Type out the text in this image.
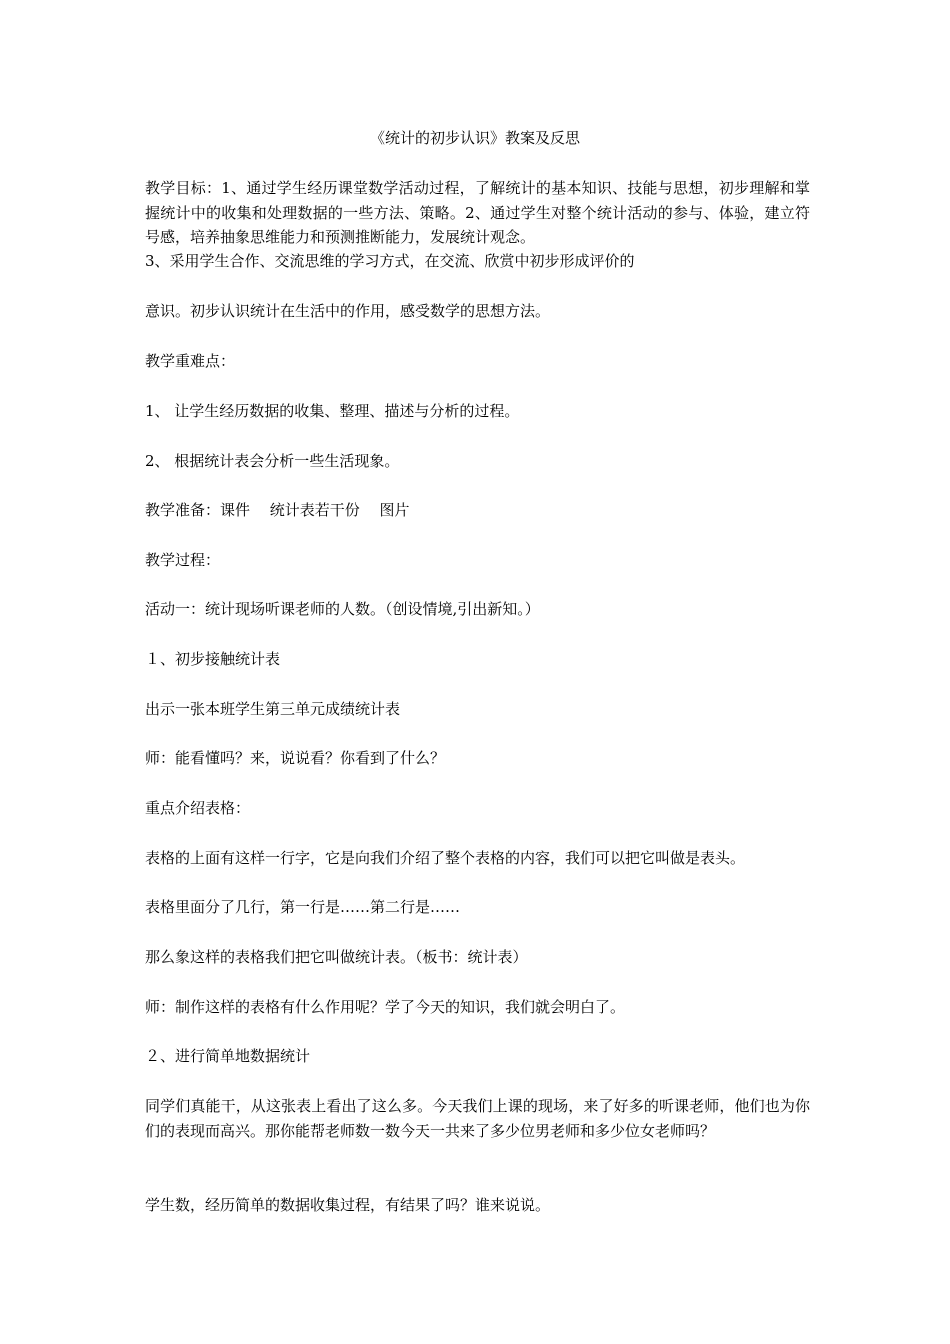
《统计的初步认识》教案及反思
教学目标：1、通过学生经历课堂数学活动过程，了解统计的基本知识、技能与思想，初步理解和掌握统计中的收集和处理数据的一些方法、策略。2、通过学生对整个统计活动的参与、体验，建立符号感，培养抽象思维能力和预测推断能力，发展统计观念。
3、采用学生合作、交流思维的学习方式，在交流、欣赏中初步形成评价的
意识。初步认识统计在生活中的作用，感受数学的思想方法。
教学重难点：
1、 让学生经历数据的收集、整理、描述与分析的过程。
2、 根据统计表会分析一些生活现象。
教学准备：课件　 统计表若干份　 图片
教学过程：
活动一：统计现场听课老师的人数。（创设情境,引出新知。）
１、初步接触统计表
出示一张本班学生第三单元成绩统计表
师：能看懂吗？来，说说看？你看到了什么？
重点介绍表格：
表格的上面有这样一行字，它是向我们介绍了整个表格的内容，我们可以把它叫做是表头。
表格里面分了几行，第一行是……第二行是……
那么象这样的表格我们把它叫做统计表。（板书：统计表）
师：制作这样的表格有什么作用呢？学了今天的知识，我们就会明白了。
２、进行简单地数据统计
同学们真能干，从这张表上看出了这么多。今天我们上课的现场，来了好多的听课老师，他们也为你们的表现而高兴。那你能帮老师数一数今天一共来了多少位男老师和多少位女老师吗？
学生数，经历简单的数据收集过程，有结果了吗？谁来说说。
